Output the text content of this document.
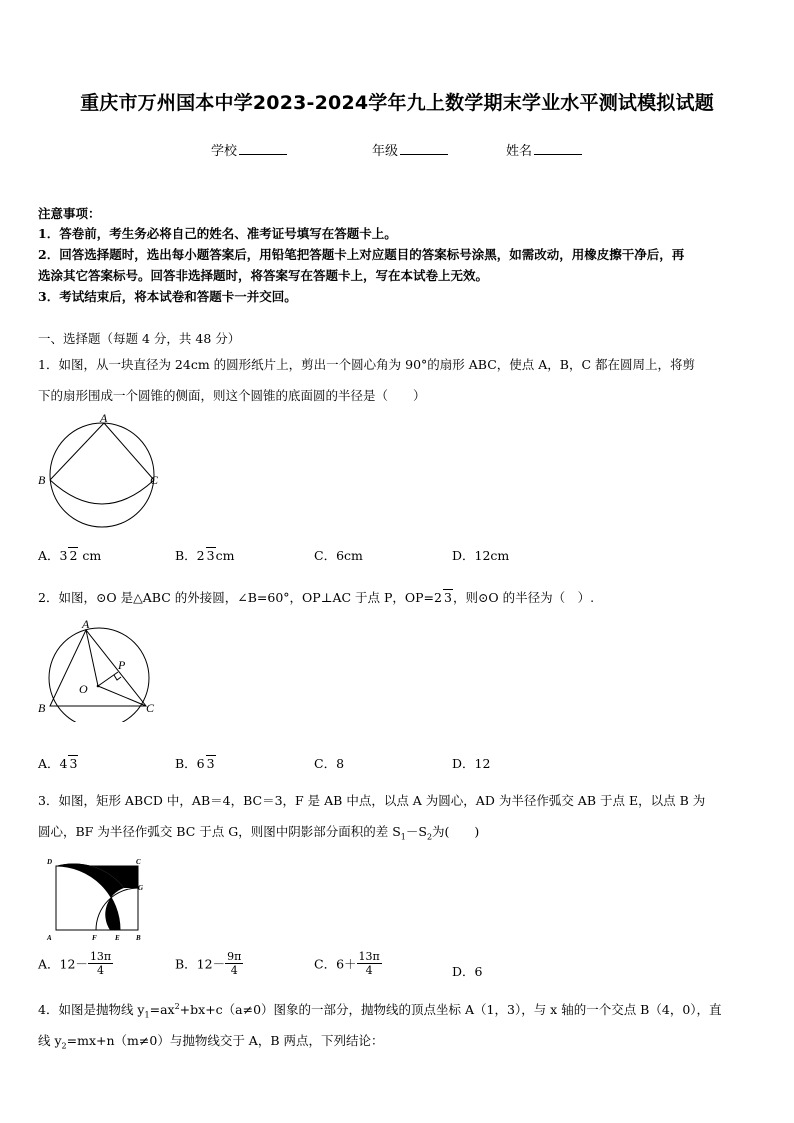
重庆市万州国本中学2023-2024学年九上数学期末学业水平测试模拟试题
学校	年级	姓名
注意事项：
1．答卷前，考生务必将自己的姓名、准考证号填写在答题卡上。
2．回答选择题时，选出每小题答案后，用铅笔把答题卡上对应题目的答案标号涂黑，如需改动，用橡皮擦干净后，再
选涂其它答案标号。回答非选择题时，将答案写在答题卡上，写在本试卷上无效。
3．考试结束后，将本试卷和答题卡一并交回。
一、选择题（每题 4 分，共 48 分）
1．如图，从一块直径为 24cm 的圆形纸片上，剪出一个圆心角为 90°的扇形 ABC，使点 A，B，C 都在圆周上，将剪
下的扇形围成一个圆锥的侧面，则这个圆锥的底面圆的半径是（　　）
A
B	C
A．3 2 cm	B．2 3cm	C．6cm	D．12cm
2．如图，⊙O 是△ABC 的外接圆，∠B=60°，OP⊥AC 于点 P，OP=2 3，则⊙O 的半径为（　）.
A
B	C
O
P
A．4 3	B．6 3	C．8	D．12
3．如图，矩形 ABCD 中，AB＝4，BC＝3，F 是 AB 中点，以点 A 为圆心，AD 为半径作弧交 AB 于点 E，以点 B 为
圆心，BF 为半径作弧交 BC 于点 G，则图中阴影部分面积的差 $S_1-S_2$为(　　)
D	C
G
A	F	E B
A．$12- \frac{13\pi}{4}$	B．$12- \frac{9\pi}{4}$	C．$6+ \frac{13\pi}{4}$	D．6
4．如图是抛物线 $y_1=ax^2+bx+c(a\ne 0)$图象的一部分，抛物线的顶点坐标 A（1，3），与 x 轴的一个交点 B（4，0），直
线 $y_2=mx+n(m\ne 0)$与抛物线交于 A，B 两点，下列结论：
